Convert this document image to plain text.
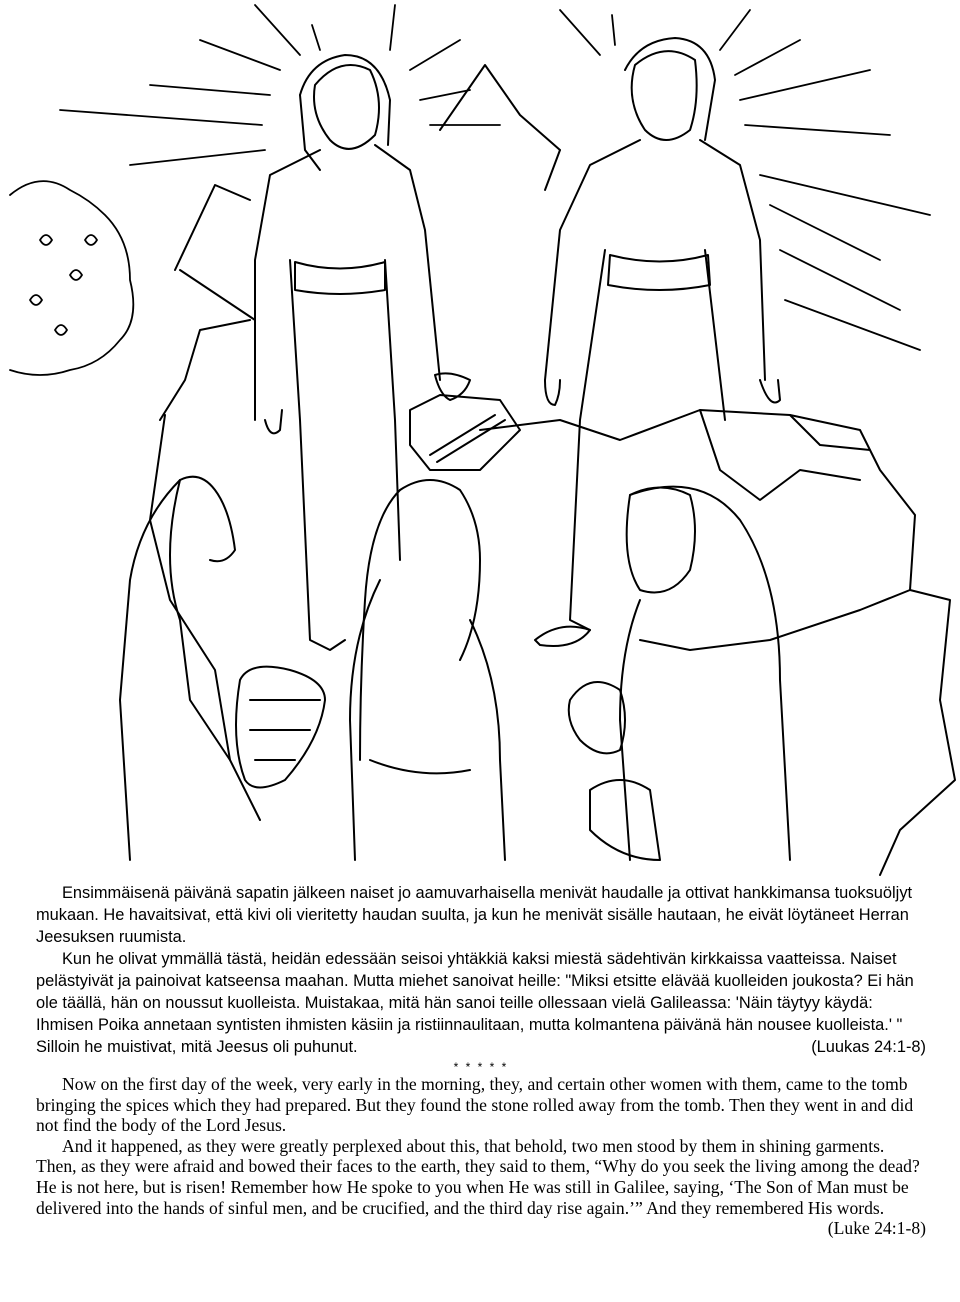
Ensimmäisenä päivänä sapatin jälkeen naiset jo aamuvarhaisella menivät haudalle ja ottivat hankkimansa tuoksuöljyt mukaan. He havaitsivat, että kivi oli vieritetty haudan suulta, ja kun he menivät sisälle hautaan, he eivät löytäneet Herran Jeesuksen ruumista.

Kun he olivat ymmällä tästä, heidän edessään seisoi yhtäkkiä kaksi miestä sädehtivän kirkkaissa vaatteissa. Naiset pelästyivät ja painoivat katseensa maahan. Mutta miehet sanoivat heille: "Miksi etsitte elävää kuolleiden joukosta? Ei hän ole täällä, hän on noussut kuolleista. Muistakaa, mitä hän sanoi teille ollessaan vielä Galileassa: 'Näin täytyy käydä: Ihmisen Poika annetaan syntisten ihmisten käsiin ja ristiinnaulitaan, mutta kolmantena päivänä hän nousee kuolleista.' " Silloin he muistivat, mitä Jeesus oli puhunut.	(Luukas 24:1-8)

* * * * *

Now on the first day of the week, very early in the morning, they, and certain other women with them, came to the tomb bringing the spices which they had prepared. But they found the stone rolled away from the tomb. Then they went in and did not find the body of the Lord Jesus.

And it happened, as they were greatly perplexed about this, that behold, two men stood by them in shining garments. Then, as they were afraid and bowed their faces to the earth, they said to them, “Why do you seek the living among the dead? He is not here, but is risen! Remember how He spoke to you when He was still in Galilee, saying, ‘The Son of Man must be delivered into the hands of sinful men, and be crucified, and the third day rise again.’” And they remembered His words.
(Luke 24:1-8)
